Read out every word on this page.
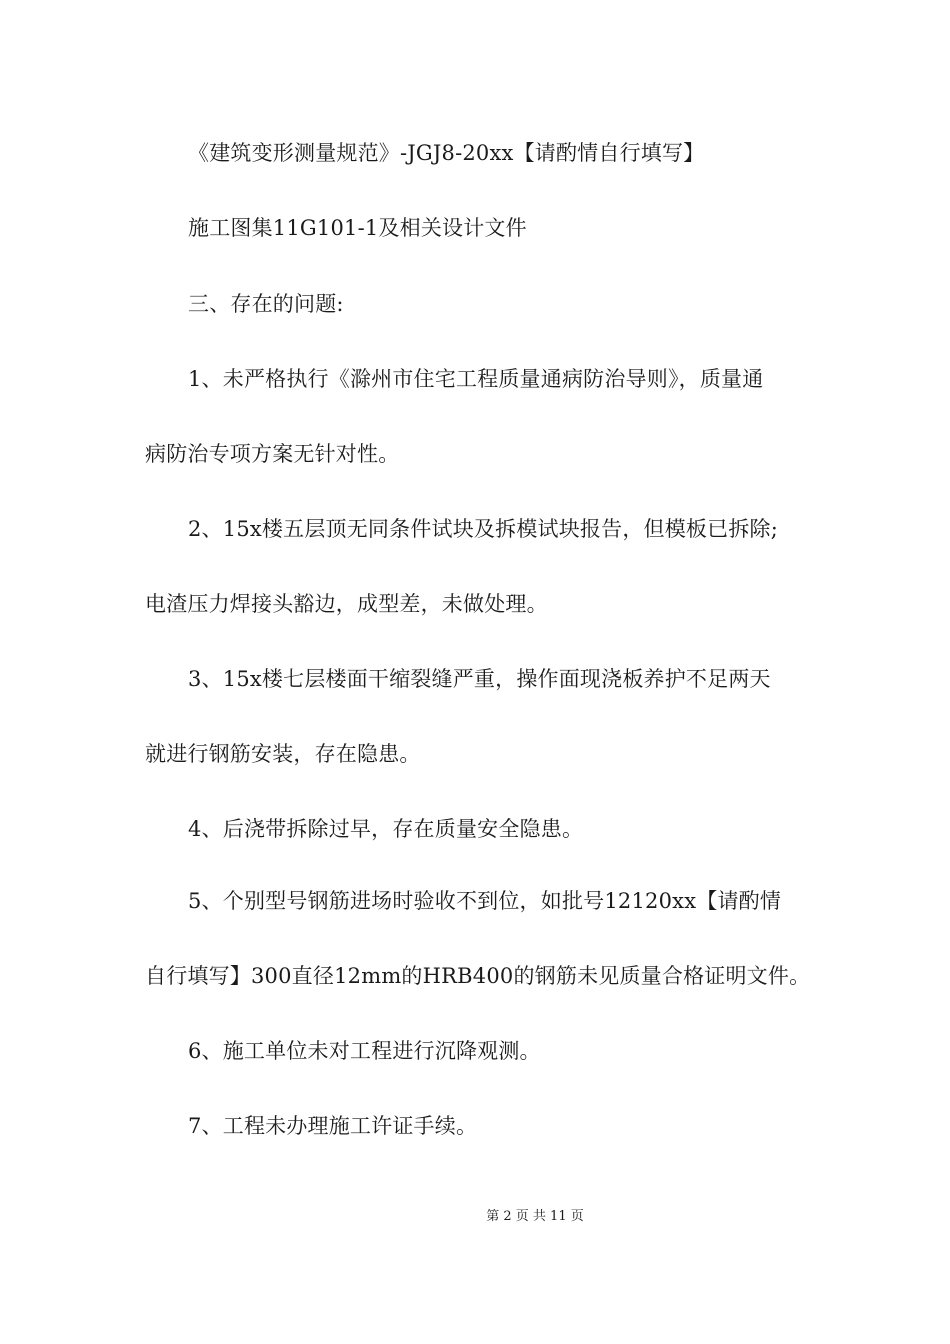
《建筑变形测量规范》-JGJ8-20xx【请酌情自行填写】
施工图集11G101-1及相关设计文件
三、存在的问题:
1、未严格执行《滁州市住宅工程质量通病防治导则》，质量通
病防治专项方案无针对性。
2、15x楼五层顶无同条件试块及拆模试块报告，但模板已拆除;
电渣压力焊接头豁边，成型差，未做处理。
3、15x楼七层楼面干缩裂缝严重，操作面现浇板养护不足两天
就进行钢筋安装，存在隐患。
4、后浇带拆除过早，存在质量安全隐患。
5、个别型号钢筋进场时验收不到位，如批号12120xx【请酌情
自行填写】300直径12mm的HRB400的钢筋未见质量合格证明文件。
6、施工单位未对工程进行沉降观测。
7、工程未办理施工许证手续。
第 2 页 共 11 页
